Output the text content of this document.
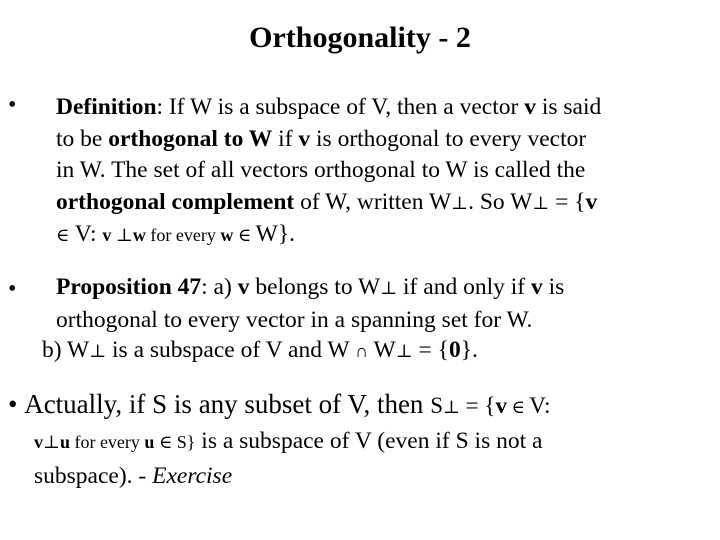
Orthogonality - 2
• Definition: If W is a subspace of V, then a vector v is said
to be orthogonal to W if v is orthogonal to every vector
in W. The set of all vectors orthogonal to W is called the
orthogonal complement of W, written W⊥. So W⊥ = {v
∈ V: v ⊥w for every w ∈ W}.
• Proposition 47: a) v belongs to W⊥ if and only if v is
orthogonal to every vector in a spanning set for W.
b) W⊥ is a subspace of V and W ∩ W⊥ = {0}.
• Actually, if S is any subset of V, then S⊥ = {v ∈ V:
v⊥u for every u ∈ S} is a subspace of V (even if S is not a
subspace). - Exercise
